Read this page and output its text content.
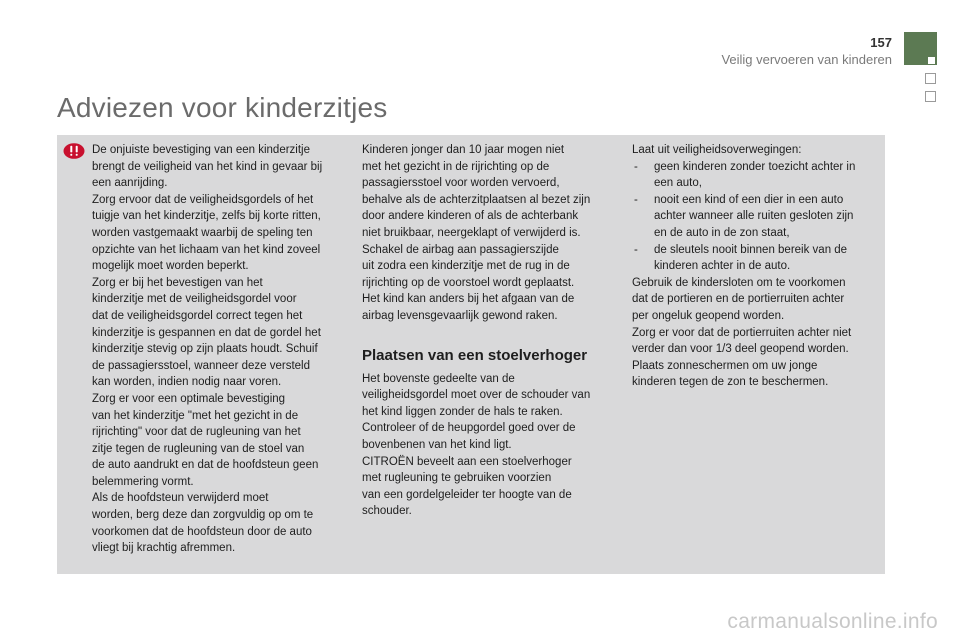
157
Veilig vervoeren van kinderen
Adviezen voor kinderzitjes

De onjuiste bevestiging van een kinderzitje
brengt de veiligheid van het kind in gevaar bij
een aanrijding.
Zorg ervoor dat de veiligheidsgordels of het
tuigje van het kinderzitje, zelfs bij korte ritten,
worden vastgemaakt waarbij de speling ten
opzichte van het lichaam van het kind zoveel
mogelijk moet worden beperkt.
Zorg er bij het bevestigen van het
kinderzitje met de veiligheidsgordel voor
dat de veiligheidsgordel correct tegen het
kinderzitje is gespannen en dat de gordel het
kinderzitje stevig op zijn plaats houdt. Schuif
de passagiersstoel, wanneer deze versteld
kan worden, indien nodig naar voren.
Zorg er voor een optimale bevestiging
van het kinderzitje "met het gezicht in de
rijrichting" voor dat de rugleuning van het
zitje tegen de rugleuning van de stoel van
de auto aandrukt en dat de hoofdsteun geen
belemmering vormt.
Als de hoofdsteun verwijderd moet
worden, berg deze dan zorgvuldig op om te
voorkomen dat de hoofdsteun door de auto
vliegt bij krachtig afremmen.

Kinderen jonger dan 10 jaar mogen niet
met het gezicht in de rijrichting op de
passagiersstoel voor worden vervoerd,
behalve als de achterzitplaatsen al bezet zijn
door andere kinderen of als de achterbank
niet bruikbaar, neergeklapt of verwijderd is.
Schakel de airbag aan passagierszijde
uit zodra een kinderzitje met de rug in de
rijrichting op de voorstoel wordt geplaatst.
Het kind kan anders bij het afgaan van de
airbag levensgevaarlijk gewond raken.

Plaatsen van een stoelverhoger

Het bovenste gedeelte van de
veiligheidsgordel moet over de schouder van
het kind liggen zonder de hals te raken.
Controleer of de heupgordel goed over de
bovenbenen van het kind ligt.
CITROËN beveelt aan een stoelverhoger
met rugleuning te gebruiken voorzien
van een gordelgeleider ter hoogte van de
schouder.

Laat uit veiligheidsoverwegingen:

- geen kinderen zonder toezicht achter in
een auto,

- nooit een kind of een dier in een auto
achter wanneer alle ruiten gesloten zijn
en de auto in de zon staat,

- de sleutels nooit binnen bereik van de
kinderen achter in de auto.

Gebruik de kindersloten om te voorkomen
dat de portieren en de portierruiten achter
per ongeluk geopend worden.
Zorg er voor dat de portierruiten achter niet
verder dan voor 1/3 deel geopend worden.
Plaats zonneschermen om uw jonge
kinderen tegen de zon te beschermen.

carmanualsonline.info
